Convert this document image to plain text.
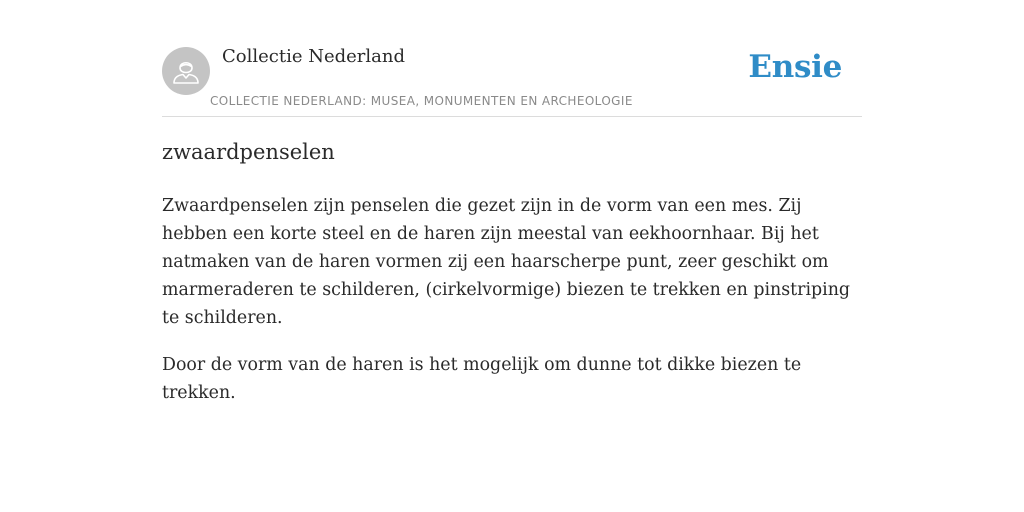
Collectie Nederland
COLLECTIE NEDERLAND: MUSEA, MONUMENTEN EN ARCHEOLOGIE
Ensie
zwaardpenselen

Zwaardpenselen zijn penselen die gezet zijn in de vorm van een mes. Zij hebben een korte steel en de haren zijn meestal van eekhoornhaar. Bij het natmaken van de haren vormen zij een haarscherpe punt, zeer geschikt om marmeraderen te schilderen, (cirkelvormige) biezen te trekken en pinstriping te schilderen.

Door de vorm van de haren is het mogelijk om dunne tot dikke biezen te trekken.
